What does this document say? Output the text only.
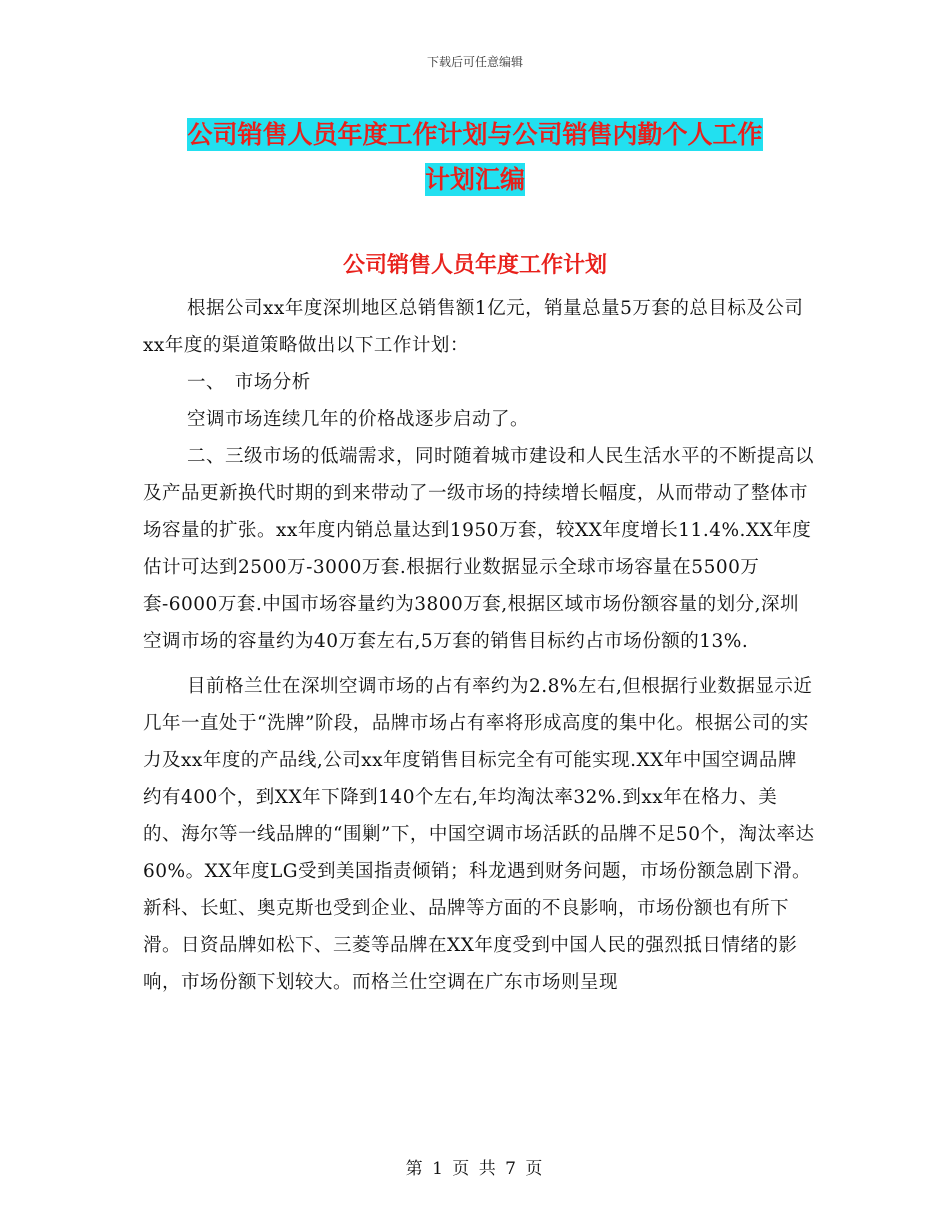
下载后可任意编辑
公司销售人员年度工作计划与公司销售内勤个人工作
计划汇编
公司销售人员年度工作计划

根据公司xx年度深圳地区总销售额1亿元，销量总量5万套的总目标及公司xx年度的渠道策略做出以下工作计划：

一、　市场分析

空调市场连续几年的价格战逐步启动了。

二、三级市场的低端需求，同时随着城市建设和人民生活水平的不断提高以及产品更新换代时期的到来带动了一级市场的持续增长幅度，从而带动了整体市场容量的扩张。xx年度内销总量达到1950万套，较XX年度增长11.4%.XX年度估计可达到2500万-3000万套.根据行业数据显示全球市场容量在5500万套-6000万套.中国市场容量约为3800万套,根据区域市场份额容量的划分,深圳空调市场的容量约为40万套左右,5万套的销售目标约占市场份额的13%.

目前格兰仕在深圳空调市场的占有率约为2.8%左右,但根据行业数据显示近几年一直处于“洗牌”阶段，品牌市场占有率将形成高度的集中化。根据公司的实力及xx年度的产品线,公司xx年度销售目标完全有可能实现.XX年中国空调品牌约有400个，到XX年下降到140个左右,年均淘汰率32%.到xx年在格力、美的、海尔等一线品牌的“围剿”下，中国空调市场活跃的品牌不足50个，淘汰率达60%。XX年度LG受到美国指责倾销；科龙遇到财务问题，市场份额急剧下滑。新科、长虹、奥克斯也受到企业、品牌等方面的不良影响，市场份额也有所下滑。日资品牌如松下、三菱等品牌在XX年度受到中国人民的强烈抵日情绪的影响，市场份额下划较大。而格兰仕空调在广东市场则呈现

第 1 页 共 7 页
